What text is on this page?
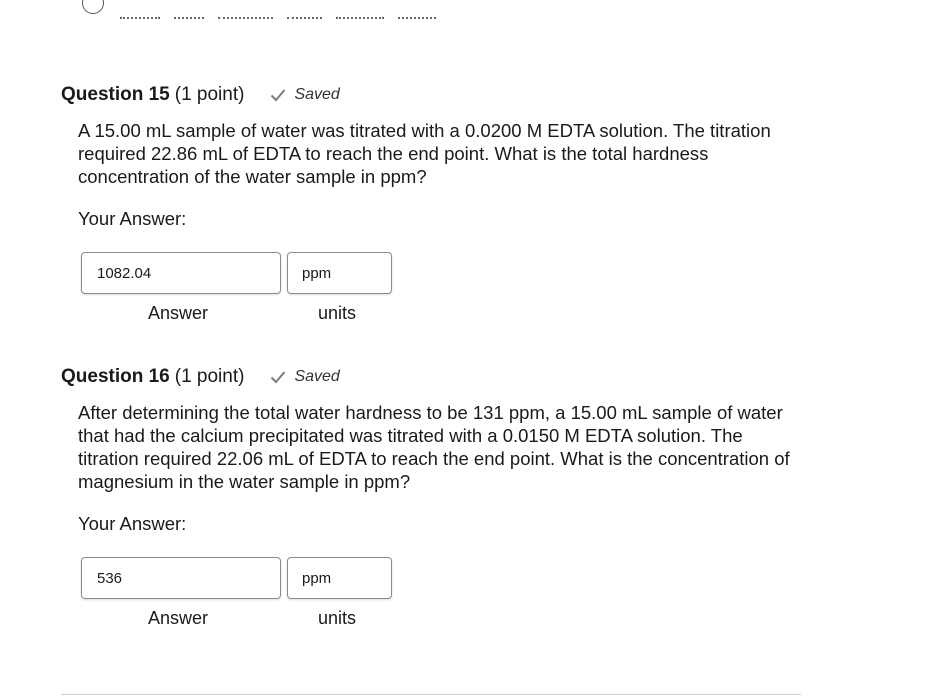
Question 15 (1 point)	Saved
A 15.00 mL sample of water was titrated with a 0.0200 M EDTA solution. The titration required 22.86 mL of EDTA to reach the end point. What is the total hardness concentration of the water sample in ppm?
Your Answer:
1082.04
ppm
Answer	units
Question 16 (1 point)	Saved
After determining the total water hardness to be 131 ppm, a 15.00 mL sample of water that had the calcium precipitated was titrated with a 0.0150 M EDTA solution. The titration required 22.06 mL of EDTA to reach the end point. What is the concentration of magnesium in the water sample in ppm?
Your Answer:
536
ppm
Answer	units
